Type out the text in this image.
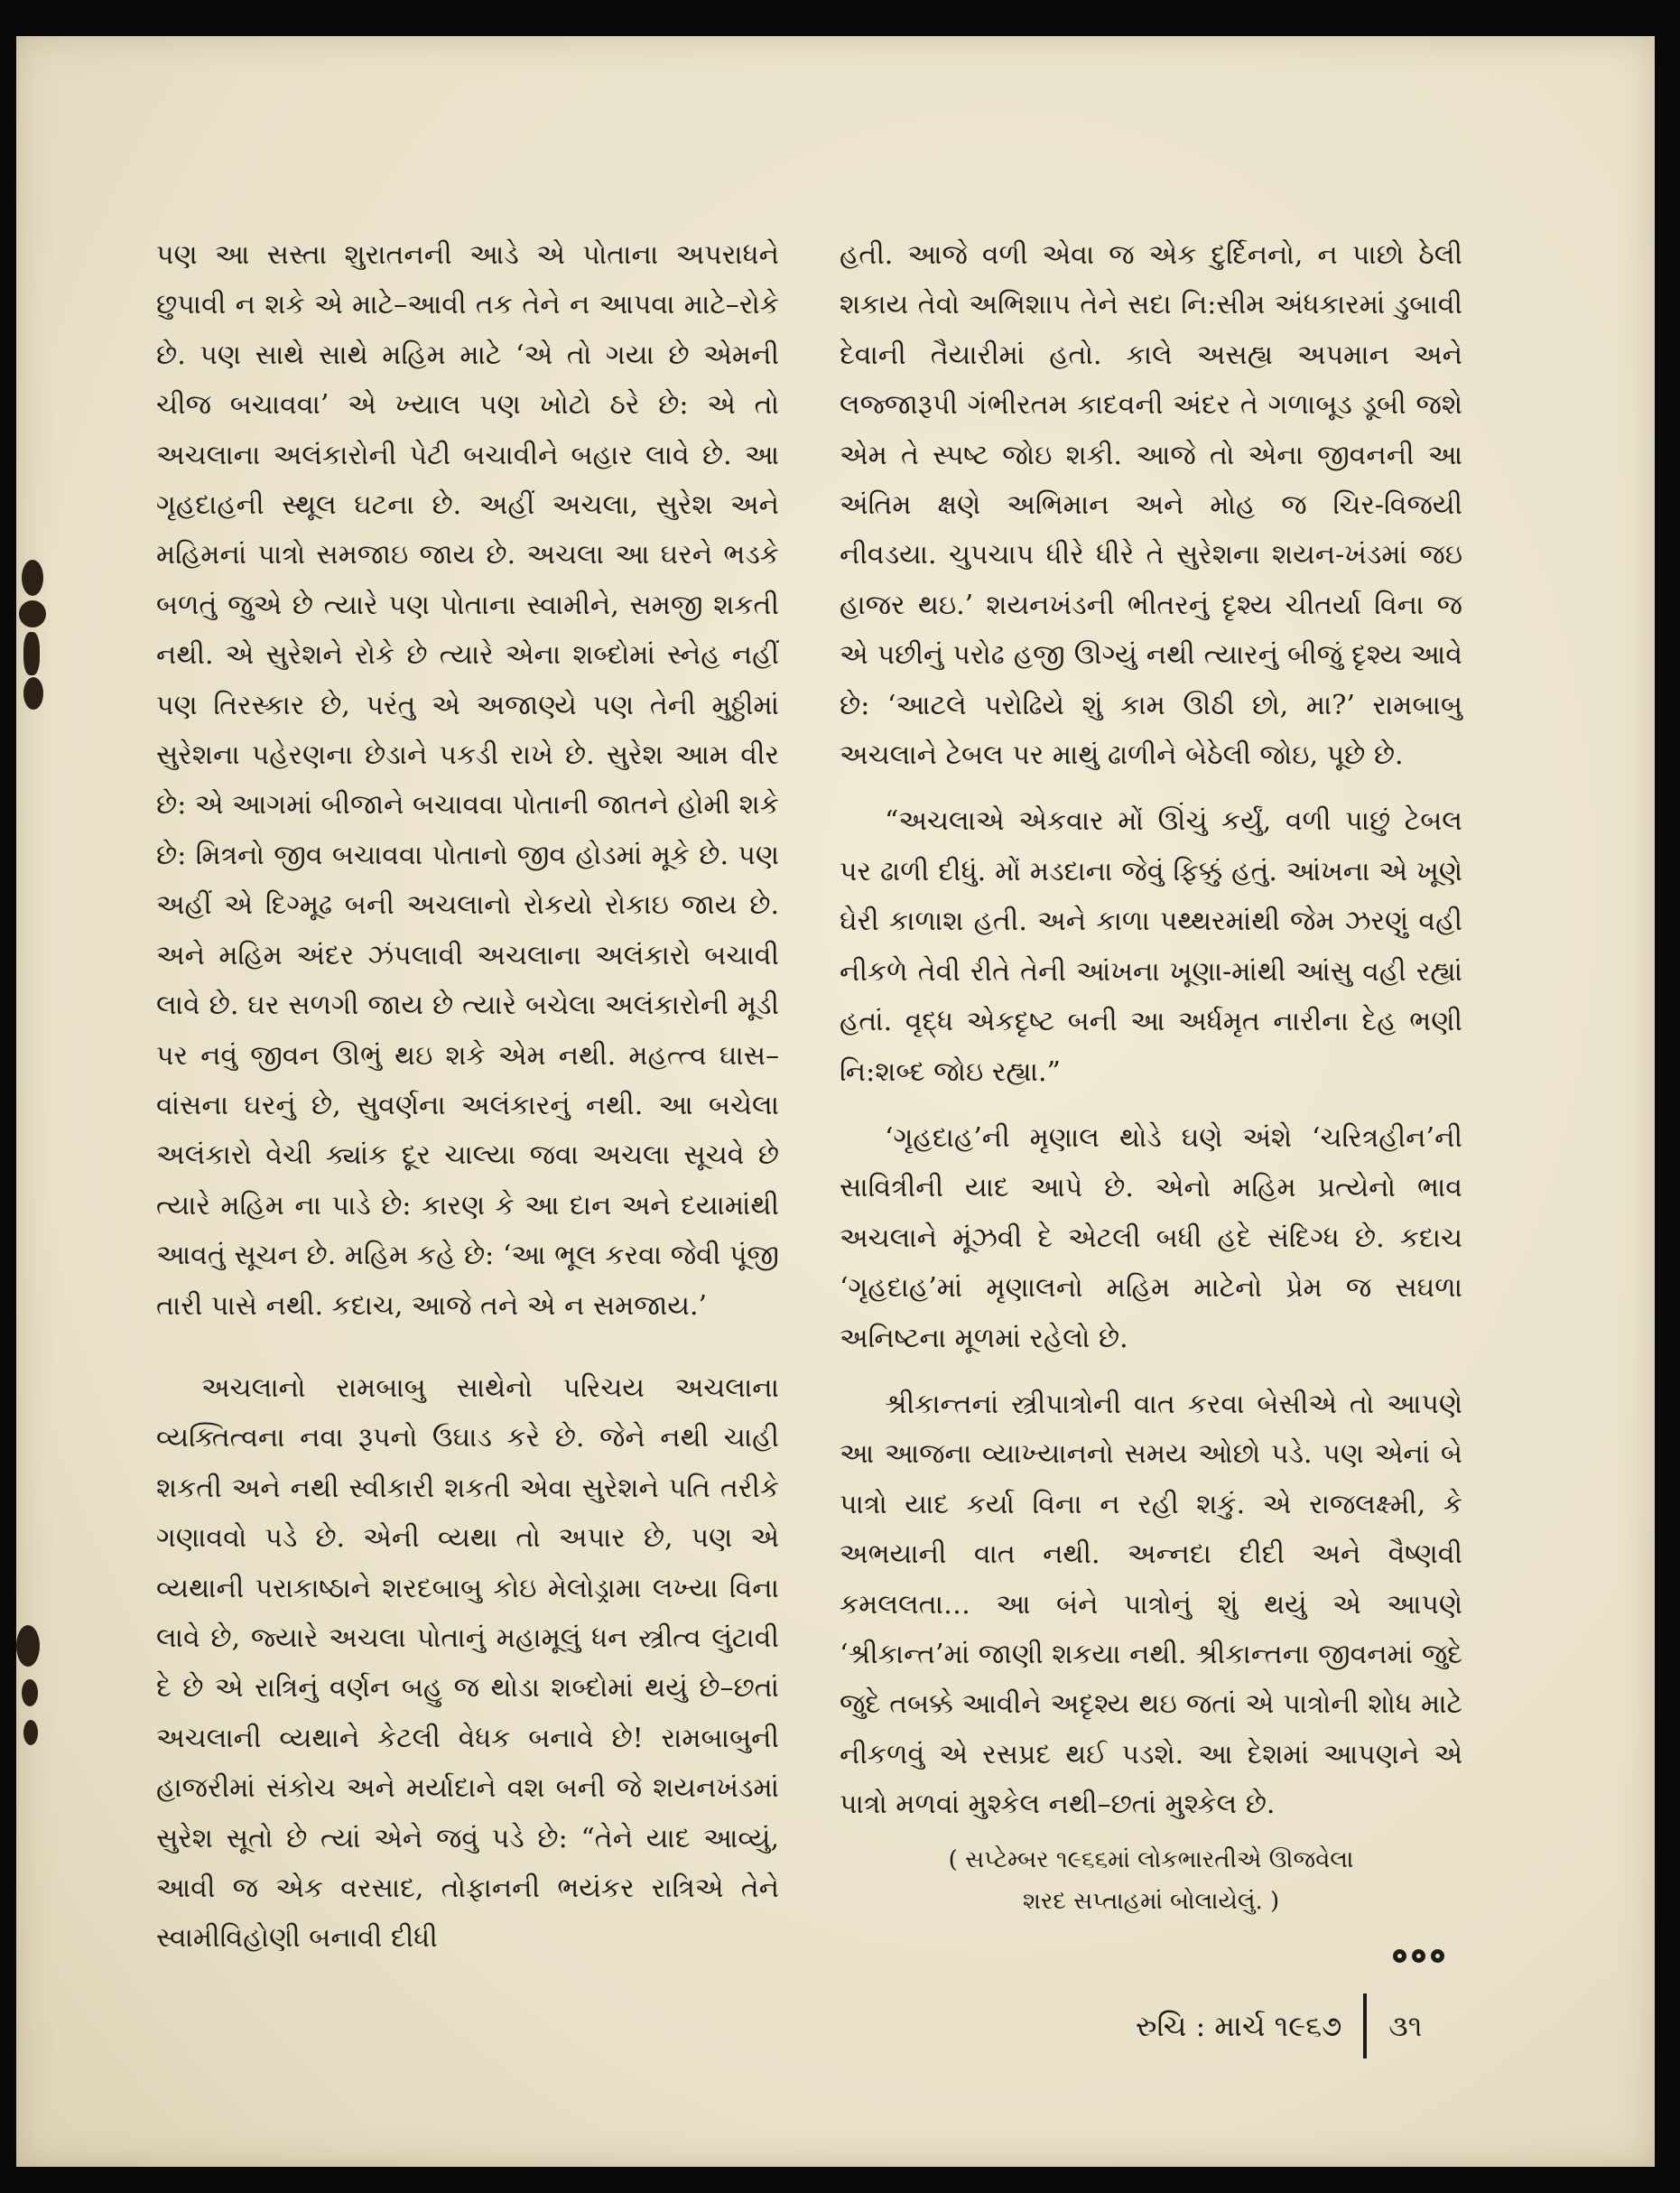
પણ આ સસ્તા શુરાતનની આડે એ પોતાના અપરાધને છુપાવી ન શકે એ માટે–આવી તક તેને ન આપવા માટે–રોકે છે. પણ સાથે સાથે મહિમ માટે ‘એ તો ગયા છે એમની ચીજ બચાવવા’ એ ખ્યાલ પણ ખોટો ઠરે છે: એ તો અચલાના અલંકારોની પેટી બચાવીને બહાર લાવે છે. આ ગૃહદાહની સ્થૂલ ઘટના છે. અહીં અચલા, સુરેશ અને મહિમનાં પાત્રો સમજાઇ જાય છે. અચલા આ ઘરને ભડકે બળતું જુએ છે ત્યારે પણ પોતાના સ્વામીને, સમજી શકતી નથી. એ સુરેશને રોકે છે ત્યારે એના શબ્દોમાં સ્નેહ નહીં પણ તિરસ્કાર છે, પરંતુ એ અજાણ્યે પણ તેની મુઠ્ઠીમાં સુરેશના પહેરણના છેડાને પકડી રાખે છે. સુરેશ આમ વીર છે: એ આગમાં બીજાને બચાવવા પોતાની જાતને હોમી શકે છે: મિત્રનો જીવ બચાવવા પોતાનો જીવ હોડમાં મૂકે છે. પણ અહીં એ દિગ્મૂઢ બની અચલાનો રોકયો રોકાઇ જાય છે. અને મહિમ અંદર ઝંપલાવી અચલાના અલંકારો બચાવી લાવે છે. ઘર સળગી જાય છે ત્યારે બચેલા અલંકારોની મૂડી પર નવું જીવન ઊભું થઇ શકે એમ નથી. મહત્ત્વ ઘાસ–વાંસના ઘરનું છે, સુવર્ણના અલંકારનું નથી. આ બચેલા અલંકારો વેચી ક્યાંક દૂર ચાલ્યા જવા અચલા સૂચવે છે ત્યારે મહિમ ના પાડે છે: કારણ કે આ દાન અને દયામાંથી આવતું સૂચન છે. મહિમ કહે છે: ‘આ ભૂલ કરવા જેવી પૂંજી તારી પાસે નથી. કદાચ, આજે તને એ ન સમજાય.’

અચલાનો રામબાબુ સાથેનો પરિચય અચલાના વ્યક્તિત્વના નવા રૂપનો ઉઘાડ કરે છે. જેને નથી ચાહી શકતી અને નથી સ્વીકારી શકતી એવા સુરેશને પતિ તરીકે ગણાવવો પડે છે. એની વ્યથા તો અપાર છે, પણ એ વ્યથાની પરાકાષ્ઠાને શરદબાબુ કોઇ મેલોડ્રામા લખ્યા વિના લાવે છે, જ્યારે અચલા પોતાનું મહામૂલું ધન સ્ત્રીત્વ લુંટાવી દે છે એ રાત્રિનું વર્ણન બહુ જ થોડા શબ્દોમાં થયું છે–છતાં અચલાની વ્યથાને કેટલી વેધક બનાવે છે! રામબાબુની હાજરીમાં સંકોચ અને મર્યાદાને વશ બની જે શયનખંડમાં સુરેશ સૂતો છે ત્યાં એને જવું પડે છે: “તેને યાદ આવ્યું, આવી જ એક વરસાદ, તોફાનની ભયંકર રાત્રિએ તેને સ્વામીવિહોણી બનાવી દીધી

હતી. આજે વળી એવા જ એક દુર્દિનનો, ન પાછો ઠેલી શકાય તેવો અભિશાપ તેને સદા નિ:સીમ અંધકારમાં ડુબાવી દેવાની તૈયારીમાં હતો. કાલે અસહ્ય અપમાન અને લજ્જારૂપી ગંભીરતમ કાદવની અંદર તે ગળાબૂડ ડૂબી જશે એમ તે સ્પષ્ટ જોઇ શકી. આજે તો એના જીવનની આ અંતિમ ક્ષણે અભિમાન અને મોહ જ ચિર-વિજયી નીવડયા. ચુપચાપ ધીરે ધીરે તે સુરેશના શયન-ખંડમાં જઇ હાજર થઇ.’ શયનખંડની ભીતરનું દૃશ્ય ચીતર્યા વિના જ એ પછીનું પરોઢ હજી ઊગ્યું નથી ત્યારનું બીજું દૃશ્ય આવે છે: ‘આટલે પરોઢિયે શું કામ ઊઠી છો, મા?’ રામબાબુ અચલાને ટેબલ પર માથું ઢાળીને બેઠેલી જોઇ, પૂછે છે.

“અચલાએ એકવાર મોં ઊંચું કર્યું, વળી પાછું ટેબલ પર ઢાળી દીધું. મોં મડદાના જેવું ફિક્કું હતું. આંખના એ ખૂણે ઘેરી કાળાશ હતી. અને કાળા પથ્થરમાંથી જેમ ઝરણું વહી નીકળે તેવી રીતે તેની આંખના ખૂણા-માંથી આંસુ વહી રહ્યાં હતાં. વૃદ્ધ એકદૃષ્ટ બની આ અર્ધમૃત નારીના દેહ ભણી નિ:શબ્દ જોઇ રહ્યા.”

‘ગૃહદાહ’ની મૃણાલ થોડે ઘણે અંશે ‘ચરિત્રહીન’ની સાવિત્રીની યાદ આપે છે. એનો મહિમ પ્રત્યેનો ભાવ અચલાને મૂંઝવી દે એટલી બધી હદે સંદિગ્ધ છે. કદાચ ‘ગૃહદાહ’માં મૃણાલનો મહિમ માટેનો પ્રેમ જ સઘળા અનિષ્ટના મૂળમાં રહેલો છે.

શ્રીકાન્તનાં સ્ત્રીપાત્રોની વાત કરવા બેસીએ તો આપણે આ આજના વ્યાખ્યાનનો સમય ઓછો પડે. પણ એનાં બે પાત્રો યાદ કર્યા વિના ન રહી શકું. એ રાજલક્ષ્મી, કે અભયાની વાત નથી. અન્નદા દીદી અને વૈષ્ણવી કમલલતા… આ બંને પાત્રોનું શું થયું એ આપણે ‘શ્રીકાન્ત’માં જાણી શકયા નથી. શ્રીકાન્તના જીવનમાં જુદે જુદે તબક્કે આવીને અદૃશ્ય થઇ જતાં એ પાત્રોની શોધ માટે નીકળવું એ રસપ્રદ થઈ પડશે. આ દેશમાં આપણને એ પાત્રો મળવાં મુશ્કેલ નથી–છતાં મુશ્કેલ છે.

( સપ્ટેમ્બર ૧૯૬૬માં લોકભારતીએ ઊજવેલા
શરદ સપ્તાહમાં બોલાયેલું. )
રુચિ : માર્ચ ૧૯૬૭ ૩૧
